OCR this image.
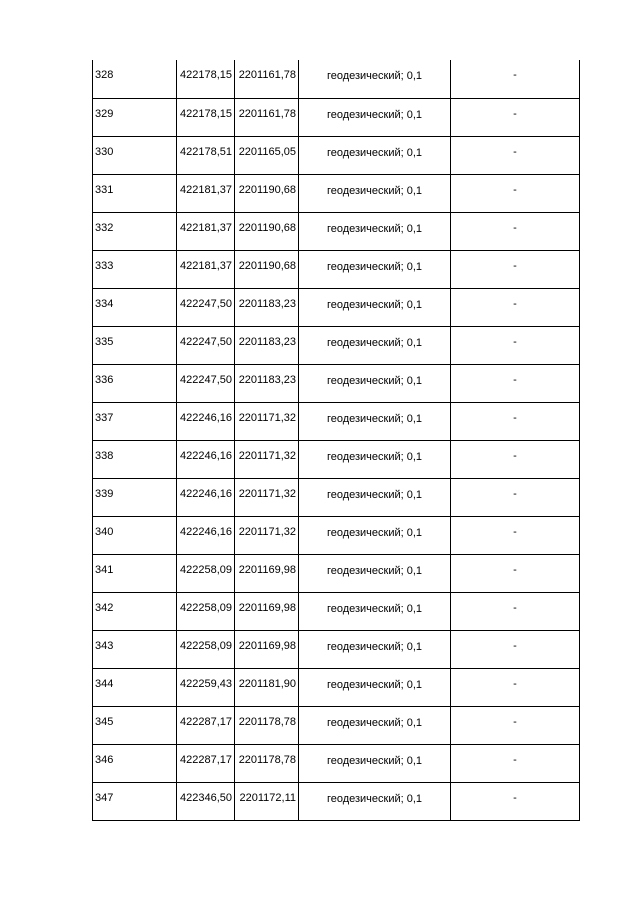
328	422178,15	2201161,78	геодезический; 0,1	-
329	422178,15	2201161,78	геодезический; 0,1	-
330	422178,51	2201165,05	геодезический; 0,1	-
331	422181,37	2201190,68	геодезический; 0,1	-
332	422181,37	2201190,68	геодезический; 0,1	-
333	422181,37	2201190,68	геодезический; 0,1	-
334	422247,50	2201183,23	геодезический; 0,1	-
335	422247,50	2201183,23	геодезический; 0,1	-
336	422247,50	2201183,23	геодезический; 0,1	-
337	422246,16	2201171,32	геодезический; 0,1	-
338	422246,16	2201171,32	геодезический; 0,1	-
339	422246,16	2201171,32	геодезический; 0,1	-
340	422246,16	2201171,32	геодезический; 0,1	-
341	422258,09	2201169,98	геодезический; 0,1	-
342	422258,09	2201169,98	геодезический; 0,1	-
343	422258,09	2201169,98	геодезический; 0,1	-
344	422259,43	2201181,90	геодезический; 0,1	-
345	422287,17	2201178,78	геодезический; 0,1	-
346	422287,17	2201178,78	геодезический; 0,1	-
347	422346,50	2201172,11	геодезический; 0,1	-
